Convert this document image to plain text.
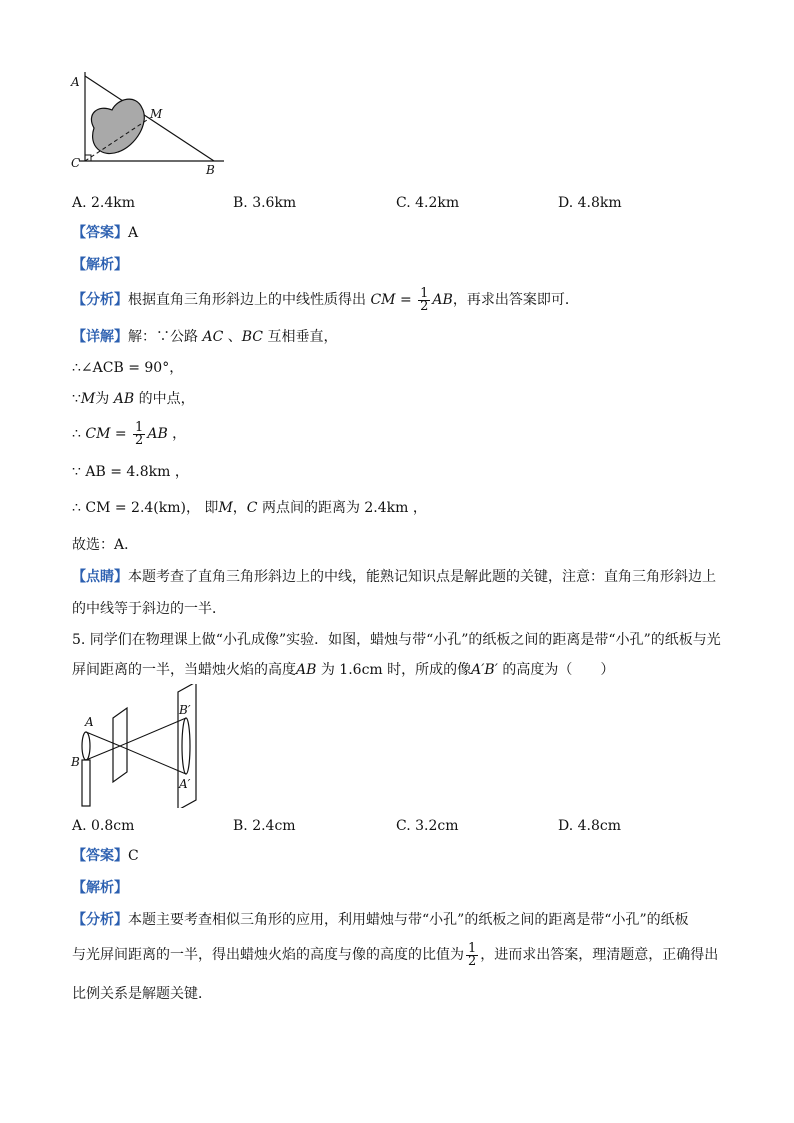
A
M
C	B
A. 2.4km	B. 3.6km	C. 4.2km	D. 4.8km
【答案】A
【解析】
【分析】根据直角三角形斜边上的中线性质得出 CM = $\frac{1}{2}$ AB，再求出答案即可．
【详解】解：∵公路 AC 、BC 互相垂直，
∴∠ACB = 90°，
∵M为 AB 的中点，
∴ CM = $\frac{1}{2}$ AB ，
∵ AB = 4.8km ，
∴ CM = 2.4(km)， 即M，C 两点间的距离为 2.4km ，
故选：A．
【点睛】本题考查了直角三角形斜边上的中线，能熟记知识点是解此题的关键，注意：直角三角形斜边上
的中线等于斜边的一半．
5. 同学们在物理课上做“小孔成像”实验．如图，蜡烛与带“小孔”的纸板之间的距离是带“小孔”的纸板与光
屏间距离的一半，当蜡烛火焰的高度AB 为 1.6cm 时，所成的像A′B′ 的高度为（　　）
A
B
B′
A′
A. 0.8cm	B. 2.4cm	C. 3.2cm	D. 4.8cm
【答案】C
【解析】
【分析】本题主要考查相似三角形的应用，利用蜡烛与带“小孔”的纸板之间的距离是带“小孔”的纸板
与光屏间距离的一半，得出蜡烛火焰的高度与像的高度的比值为 $\frac{1}{2}$ ，进而求出答案，理清题意，正确得出
比例关系是解题关键．
